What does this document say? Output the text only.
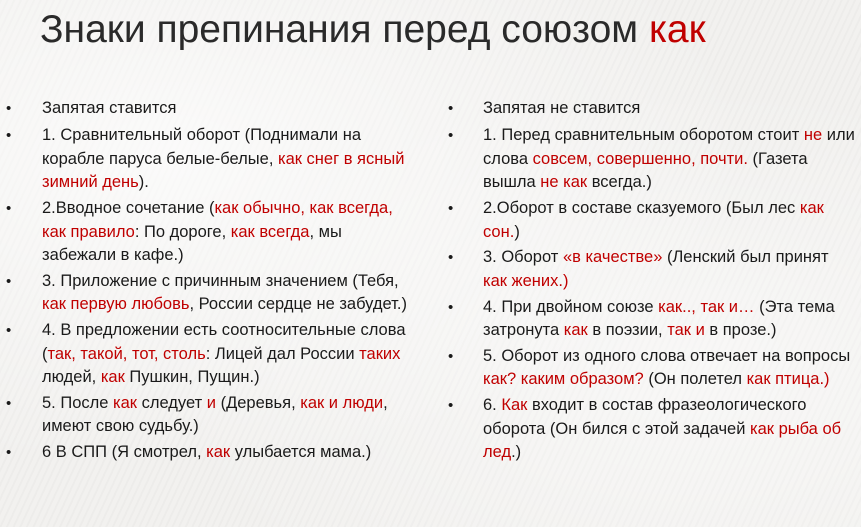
Знаки препинания перед союзом как
• Запятая ставится
• 1. Сравнительный оборот (Поднимали на корабле паруса белые-белые, как снег в ясный зимний день).
• 2.Вводное сочетание (как обычно, как всегда, как правило: По дороге, как всегда, мы забежали в кафе.)
• 3. Приложение с причинным значением (Тебя, как первую любовь, России сердце не забудет.)
• 4. В предложении есть соотносительные слова (так, такой, тот, столь: Лицей дал России таких людей, как Пушкин, Пущин.)
• 5. После как следует и (Деревья, как и люди, имеют свою судьбу.)
• 6 В СПП (Я смотрел, как улыбается мама.)
• Запятая не ставится
• 1. Перед сравнительным оборотом стоит не или слова совсем, совершенно, почти. (Газета вышла не как всегда.)
• 2.Оборот в составе сказуемого (Был лес как сон.)
• 3. Оборот «в качестве» (Ленский был принят как жених.)
• 4. При двойном союзе как.., так и… (Эта тема затронута как в поэзии, так и в прозе.)
• 5. Оборот из одного слова отвечает на вопросы как? каким образом? (Он полетел как птица.)
• 6. Как входит в состав фразеологического оборота (Он бился с этой задачей как рыба об лед.)
